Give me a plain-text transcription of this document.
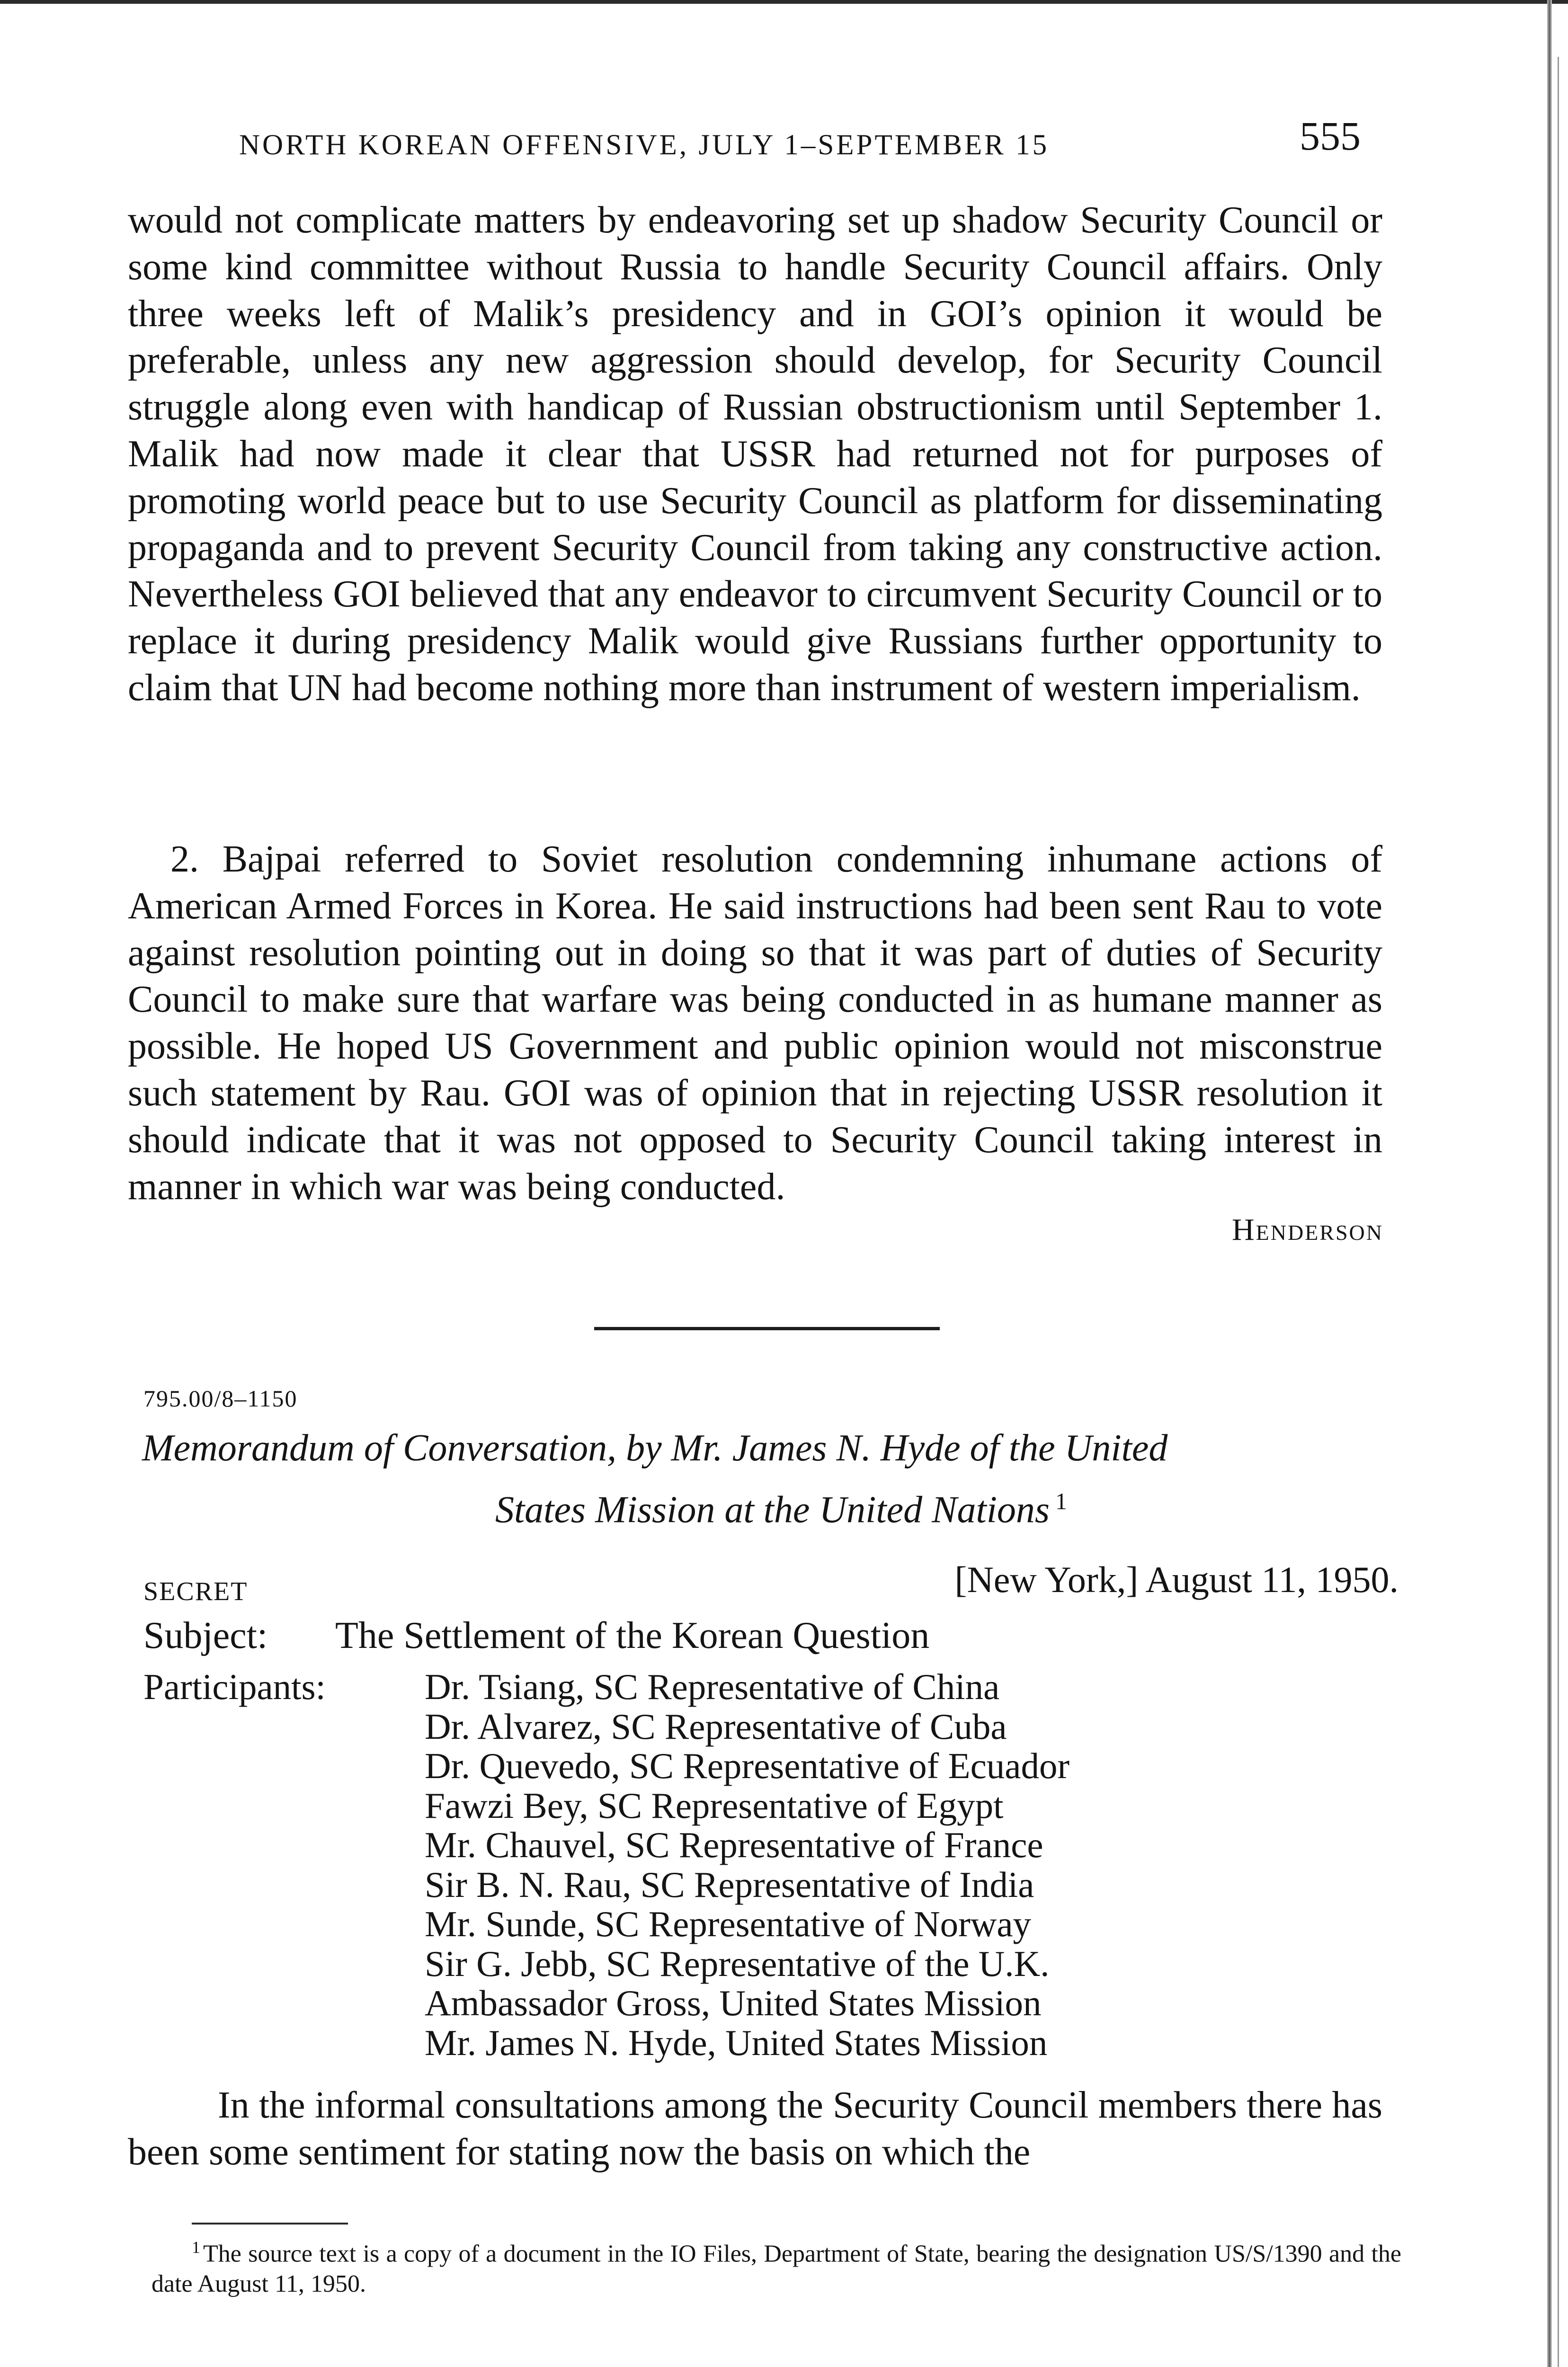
NORTH KOREAN OFFENSIVE, JULY 1–SEPTEMBER 15	555

would not complicate matters by endeavoring set up shadow Security Council or some kind committee without Russia to handle Security Council affairs. Only three weeks left of Malik’s presidency and in GOI’s opinion it would be preferable, unless any new aggression should develop, for Security Council struggle along even with handicap of Russian obstructionism until September 1. Malik had now made it clear that USSR had returned not for purposes of promoting world peace but to use Security Council as platform for disseminating propaganda and to prevent Security Council from taking any constructive action. Nevertheless GOI believed that any endeavor to circumvent Security Council or to replace it during presidency Malik would give Russians further opportunity to claim that UN had become nothing more than instrument of western imperialism.

2. Bajpai referred to Soviet resolution condemning inhumane actions of American Armed Forces in Korea. He said instructions had been sent Rau to vote against resolution pointing out in doing so that it was part of duties of Security Council to make sure that warfare was being conducted in as humane manner as possible. He hoped US Government and public opinion would not misconstrue such statement by Rau. GOI was of opinion that in rejecting USSR resolution it should indicate that it was not opposed to Security Council taking interest in manner in which war was being conducted.

Henderson
795.00/8–1150
Memorandum of Conversation, by Mr. James N. Hyde of the United
States Mission at the United Nations $^1$
SECRET	[New York,] August 11, 1950.
Subject: The Settlement of the Korean Question
Participants:	Dr. Tsiang, SC Representative of China
Dr. Alvarez, SC Representative of Cuba
Dr. Quevedo, SC Representative of Ecuador
Fawzi Bey, SC Representative of Egypt
Mr. Chauvel, SC Representative of France
Sir B. N. Rau, SC Representative of India
Mr. Sunde, SC Representative of Norway
Sir G. Jebb, SC Representative of the U.K.
Ambassador Gross, United States Mission
Mr. James N. Hyde, United States Mission

In the informal consultations among the Security Council members there has been some sentiment for stating now the basis on which the

$^1$ The source text is a copy of a document in the IO Files, Department of State, bearing the designation US/S/1390 and the date August 11, 1950.
